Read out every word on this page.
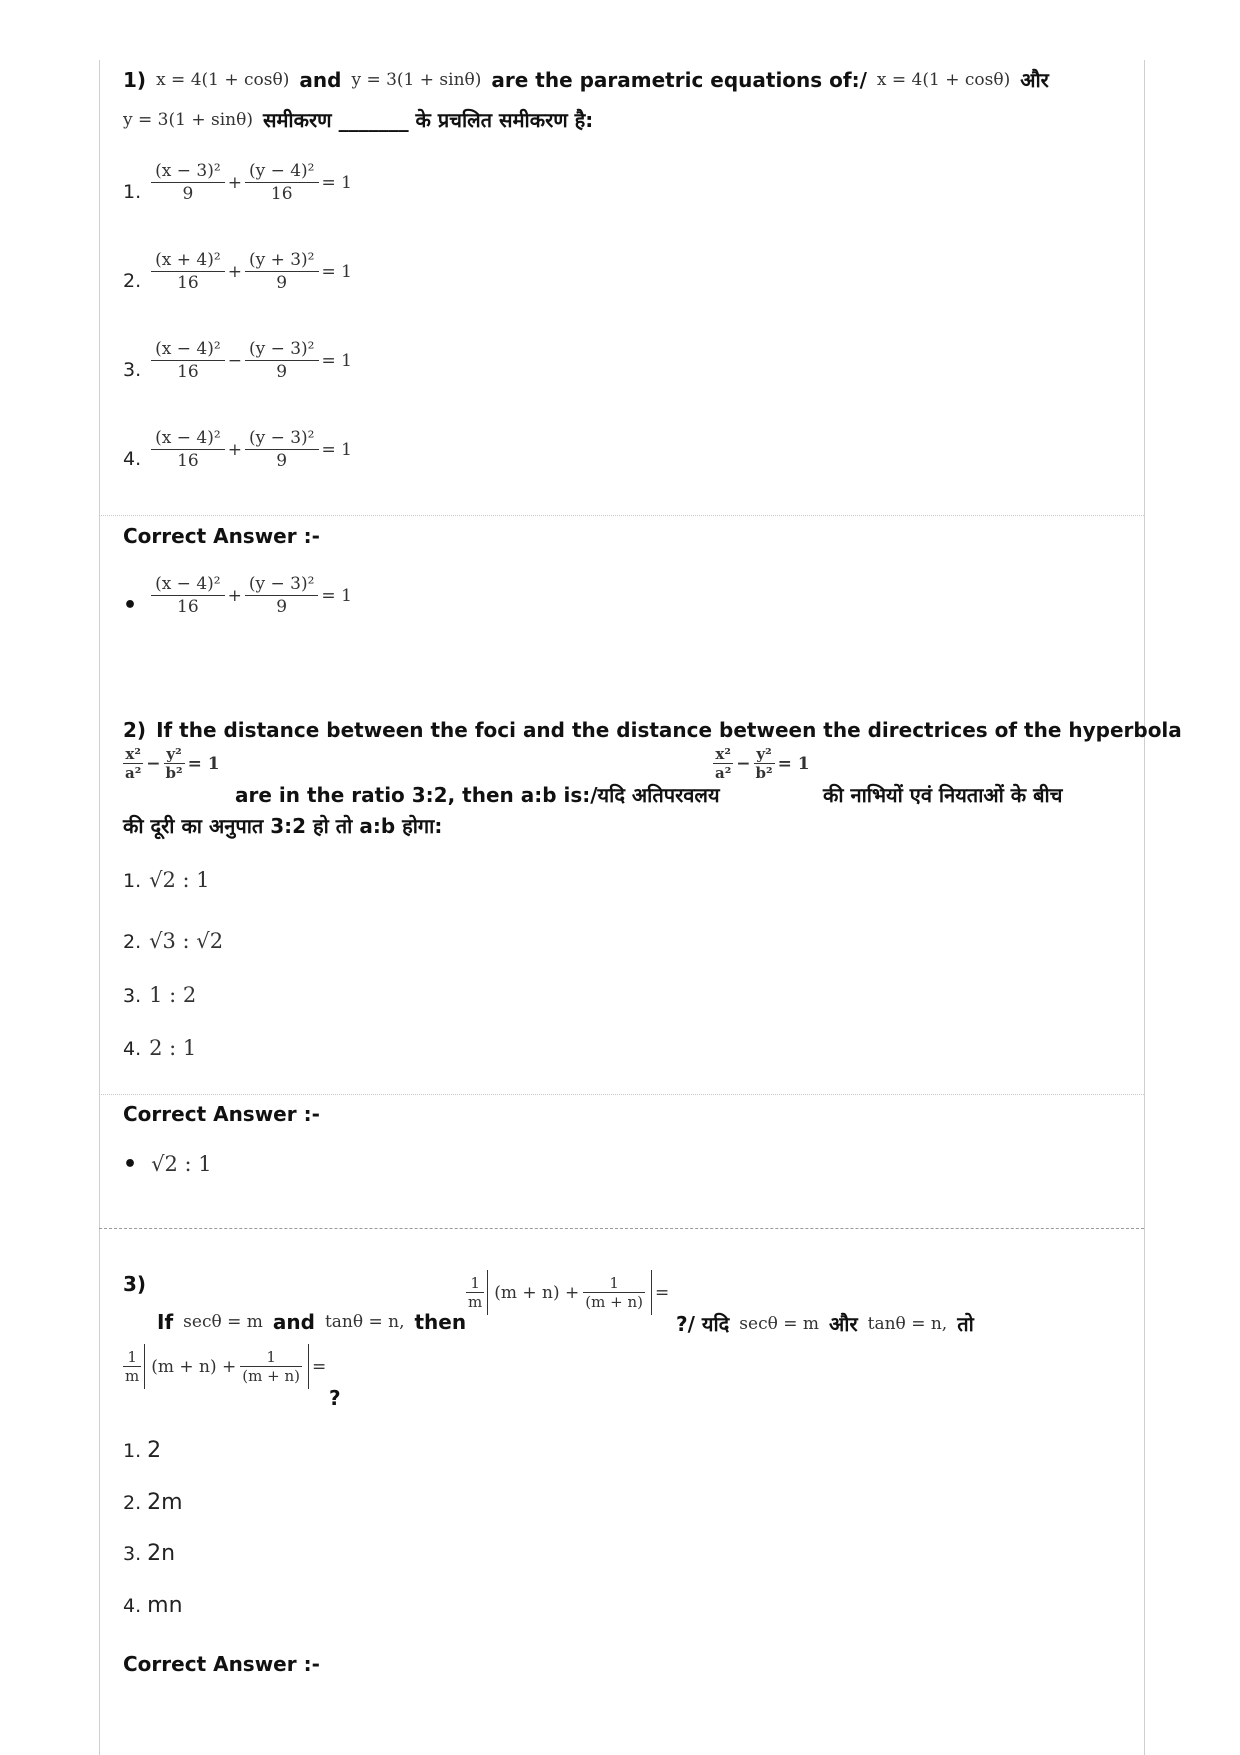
1) x = 4(1 + cosθ) and y = 3(1 + sinθ) are the parametric equations of:/ x = 4(1 + cosθ) और
y = 3(1 + sinθ) समीकरण _______ के प्रचलित समीकरण है:
1. $\frac{\text{(x − 3)²}}{9} + \frac{\text{(y − 4)²}}{16} = 1$
2. $\frac{\text{(x + 4)²}}{16} + \frac{\text{(y + 3)²}}{9} = 1$
3. $\frac{\text{(x − 4)²}}{16} - \frac{\text{(y − 3)²}}{9} = 1$
4. $\frac{\text{(x − 4)²}}{16} + \frac{\text{(y − 3)²}}{9} = 1$
Correct Answer :-
• $\frac{\text{(x − 4)²}}{16} + \frac{\text{(y − 3)²}}{9} = 1$
2) If the distance between the foci and the distance between the directrices of the hyperbola
$\frac{\text{x²}}{\text{a²}} - \frac{\text{y²}}{\text{b²}} = 1$
are in the ratio 3:2, then a:b is:/यदि अतिपरवलय
$\frac{\text{x²}}{\text{a²}} - \frac{\text{y²}}{\text{b²}} = 1$
की नाभियों एवं नियताओं के बीच
की दूरी का अनुपात 3:2 हो तो a:b होगा:
1. √2 : 1
2. √3 : √2
3. 1 : 2
4. 2 : 1
Correct Answer :-
• √2 : 1
3)
If secθ = m and tanθ = n, then
$\frac{1}{m} (m + n) + \frac{1}{(m + n)}$ =
?/ यदि secθ = m और tanθ = n, तो
$\frac{1}{m} (m + n) + \frac{1}{(m + n)}$ =
?
1. 2
2. 2m
3. 2n
4. mn
Correct Answer :-
